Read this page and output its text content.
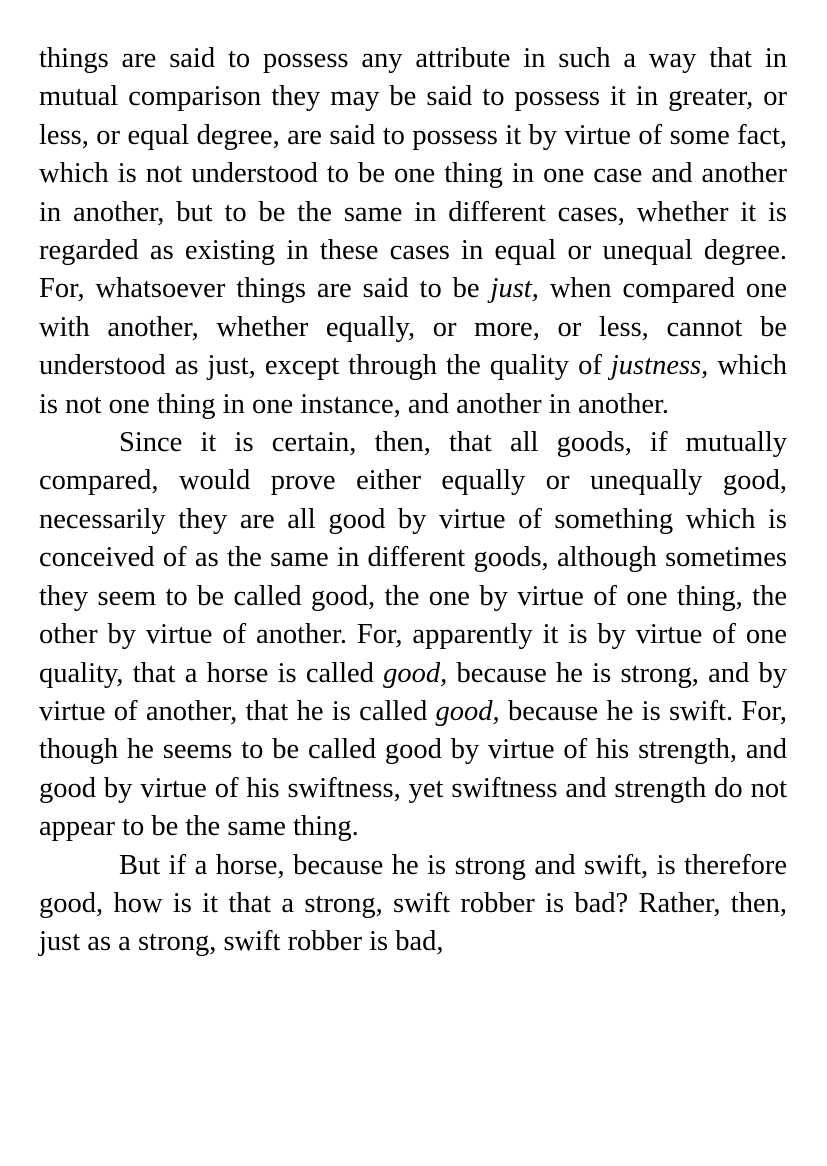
things are said to possess any attribute in such a way that in mutual comparison they may be said to possess it in greater, or less, or equal degree, are said to possess it by virtue of some fact, which is not understood to be one thing in one case and another in another, but to be the same in different cases, whether it is regarded as existing in these cases in equal or unequal degree. For, whatsoever things are said to be just, when compared one with another, whether equally, or more, or less, cannot be understood as just, except through the quality of justness, which is not one thing in one instance, and another in another.

Since it is certain, then, that all goods, if mutually compared, would prove either equally or unequally good, necessarily they are all good by virtue of something which is conceived of as the same in different goods, although sometimes they seem to be called good, the one by virtue of one thing, the other by virtue of another. For, apparently it is by virtue of one quality, that a horse is called good, because he is strong, and by virtue of another, that he is called good, because he is swift. For, though he seems to be called good by virtue of his strength, and good by virtue of his swiftness, yet swiftness and strength do not appear to be the same thing.

But if a horse, because he is strong and swift, is therefore good, how is it that a strong, swift robber is bad? Rather, then, just as a strong, swift robber is bad,
